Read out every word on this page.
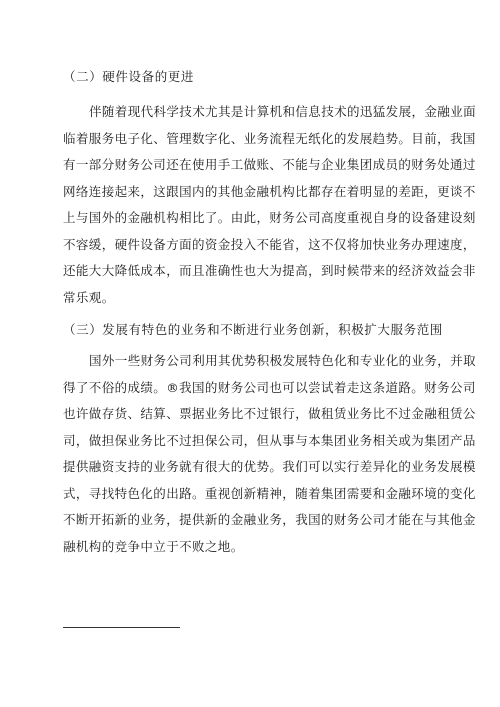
（二）硬件设备的更进

伴随着现代科学技术尤其是计算机和信息技术的迅猛发展，金融业面

临着服务电子化、管理数字化、业务流程无纸化的发展趋势。目前，我国

有一部分财务公司还在使用手工做账、不能与企业集团成员的财务处通过

网络连接起来，这跟国内的其他金融机构比都存在着明显的差距，更谈不

上与国外的金融机构相比了。由此，财务公司高度重视自身的设备建设刻

不容缓，硬件设备方面的资金投入不能省，这不仅将加快业务办理速度，

还能大大降低成本，而且准确性也大为提高，到时候带来的经济效益会非

常乐观。

（三）发展有特色的业务和不断进行业务创新，积极扩大服务范围

国外一些财务公司利用其优势积极发展特色化和专业化的业务，并取

得了不俗的成绩。®我国的财务公司也可以尝试着走这条道路。财务公司

也许做存货、结算、票据业务比不过银行，做租赁业务比不过金融租赁公

司，做担保业务比不过担保公司，但从事与本集团业务相关或为集团产品

提供融资支持的业务就有很大的优势。我们可以实行差异化的业务发展模

式，寻找特色化的出路。重视创新精神，随着集团需要和金融环境的变化

不断开拓新的业务，提供新的金融业务，我国的财务公司才能在与其他金

融机构的竞争中立于不败之地。
